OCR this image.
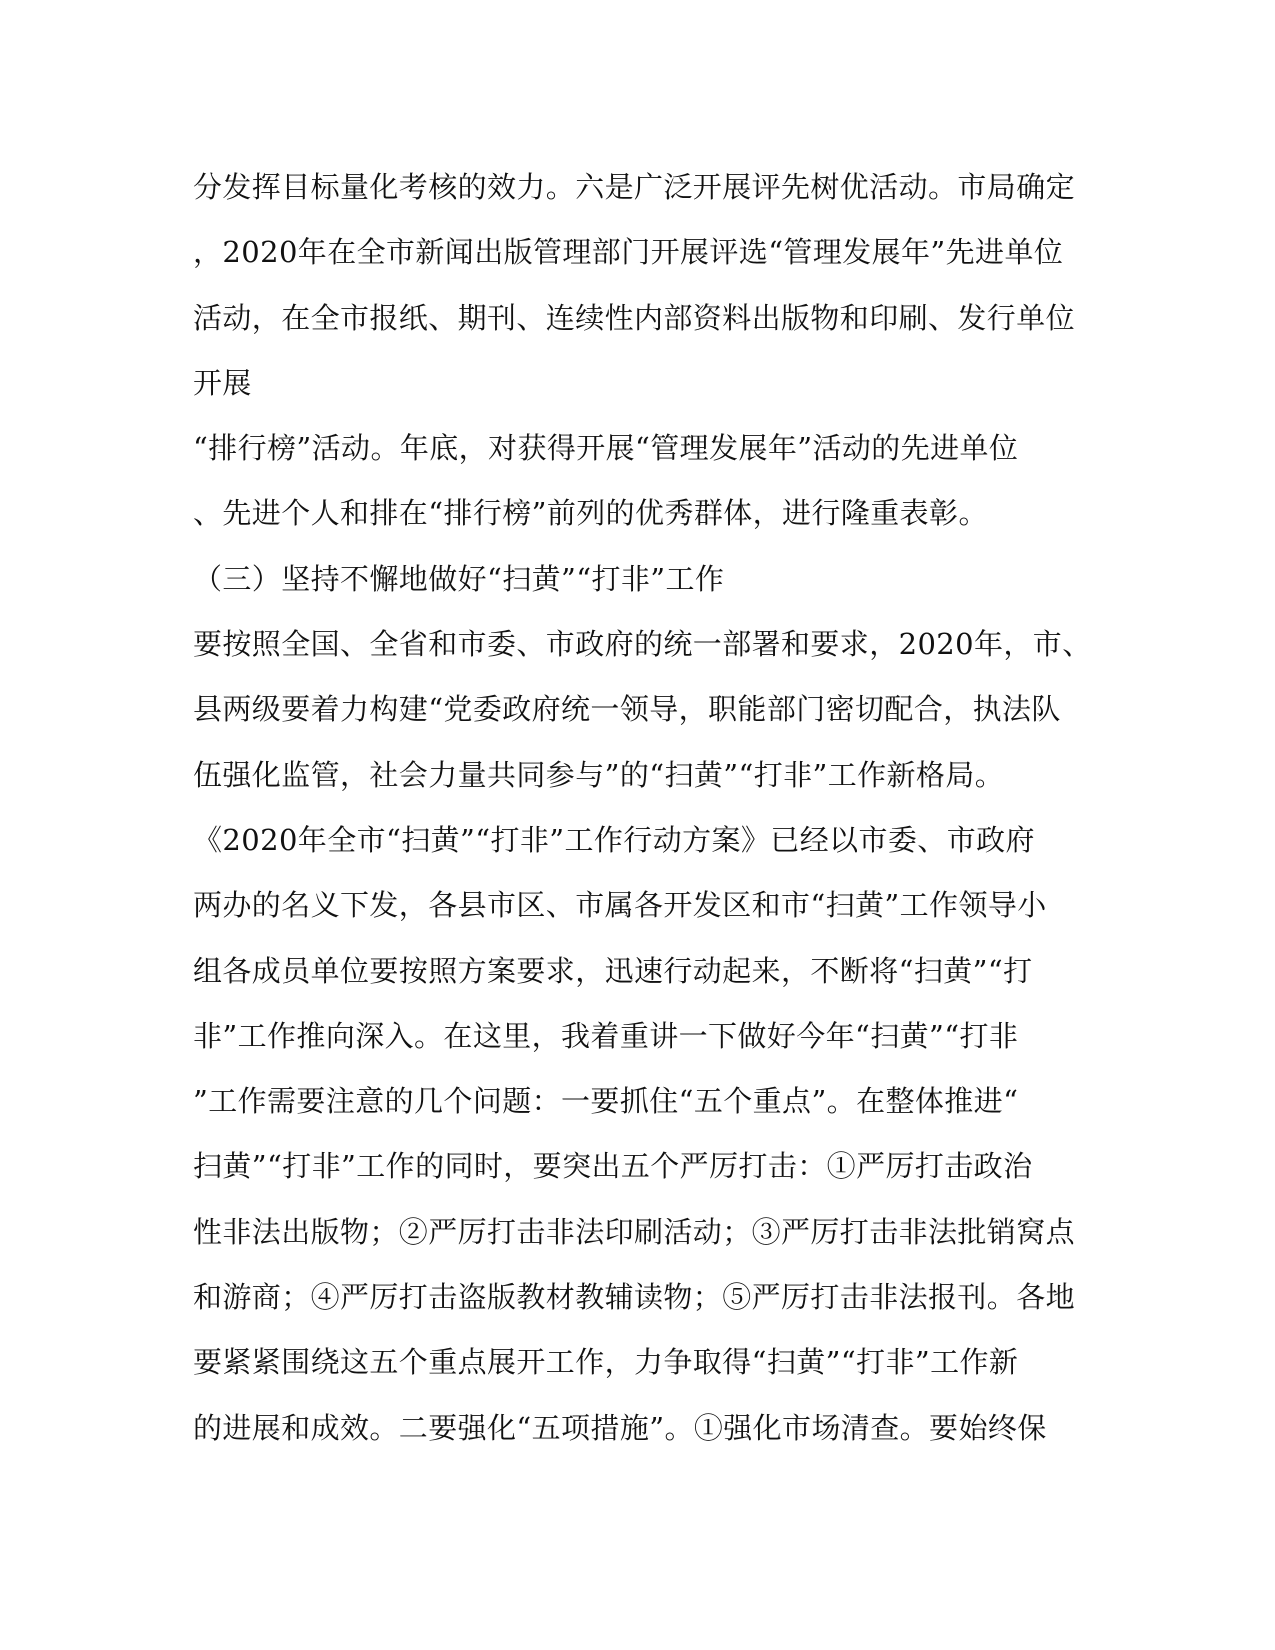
分发挥目标量化考核的效力。六是广泛开展评先树优活动。市局确定
，2020年在全市新闻出版管理部门开展评选“管理发展年”先进单位
活动，在全市报纸、期刊、连续性内部资料出版物和印刷、发行单位
开展
“排行榜”活动。年底，对获得开展“管理发展年”活动的先进单位
、先进个人和排在“排行榜”前列的优秀群体，进行隆重表彰。
（三）坚持不懈地做好“扫黄”“打非”工作
要按照全国、全省和市委、市政府的统一部署和要求，2020年，市、
县两级要着力构建“党委政府统一领导，职能部门密切配合，执法队
伍强化监管，社会力量共同参与”的“扫黄”“打非”工作新格局。
《2020年全市“扫黄”“打非”工作行动方案》已经以市委、市政府
两办的名义下发，各县市区、市属各开发区和市“扫黄”工作领导小
组各成员单位要按照方案要求，迅速行动起来，不断将“扫黄”“打
非”工作推向深入。在这里，我着重讲一下做好今年“扫黄”“打非
”工作需要注意的几个问题：一要抓住“五个重点”。在整体推进“
扫黄”“打非”工作的同时，要突出五个严厉打击：①严厉打击政治
性非法出版物；②严厉打击非法印刷活动；③严厉打击非法批销窝点
和游商；④严厉打击盗版教材教辅读物；⑤严厉打击非法报刊。各地
要紧紧围绕这五个重点展开工作，力争取得“扫黄”“打非”工作新
的进展和成效。二要强化“五项措施”。①强化市场清查。要始终保
